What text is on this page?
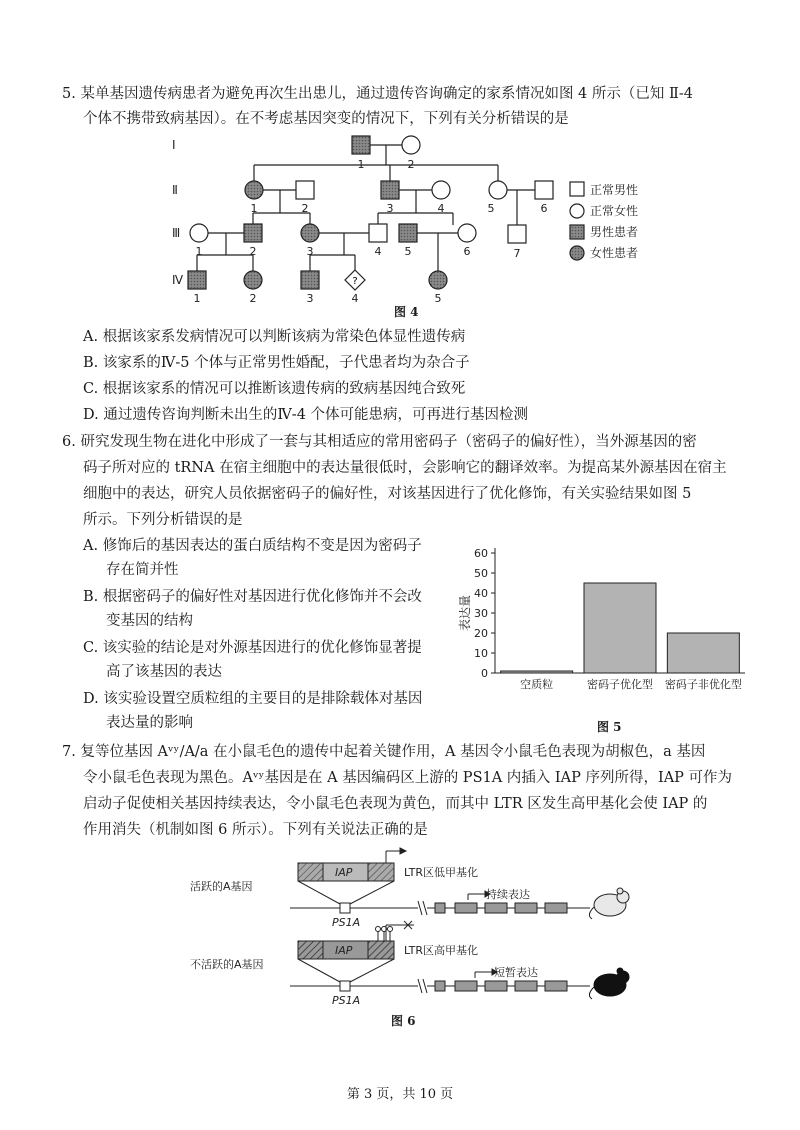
5. 某单基因遗传病患者为避免再次生出患儿，通过遗传咨询确定的家系情况如图 4 所示（已知 Ⅱ-4
个体不携带致病基因）。在不考虑基因突变的情况下，下列有关分析错误的是
?
Ⅰ
Ⅱ
Ⅲ
Ⅳ
1	2
1	2	3	4	5	6
1	2	3	4 5	6	7
1	2	3	4	5
正常男性
正常女性
男性患者
女性患者
图 4
A. 根据该家系发病情况可以判断该病为常染色体显性遗传病
B. 该家系的Ⅳ-5 个体与正常男性婚配，子代患者均为杂合子
C. 根据该家系的情况可以推断该遗传病的致病基因纯合致死
D. 通过遗传咨询判断未出生的Ⅳ-4 个体可能患病，可再进行基因检测
6. 研究发现生物在进化中形成了一套与其相适应的常用密码子（密码子的偏好性），当外源基因的密
码子所对应的 tRNA 在宿主细胞中的表达量很低时，会影响它的翻译效率。为提高某外源基因在宿主
细胞中的表达，研究人员依据密码子的偏好性，对该基因进行了优化修饰，有关实验结果如图 5
所示。下列分析错误的是
A. 修饰后的基因表达的蛋白质结构不变是因为密码子
存在简并性
B. 根据密码子的偏好性对基因进行优化修饰并不会改
变基因的结构
C. 该实验的结论是对外源基因进行的优化修饰显著提
高了该基因的表达
D. 该实验设置空质粒组的主要目的是排除载体对基因
表达量的影响
0
10
20
30
40
50
60
表达量
空质粒	密码子优化型 密码子非优化型
图 5
7. 复等位基因 Aᵛʸ/A/a 在小鼠毛色的遗传中起着关键作用，A 基因令小鼠毛色表现为胡椒色，a 基因
令小鼠毛色表现为黑色。Aᵛʸ基因是在 A 基因编码区上游的 PS1A 内插入 IAP 序列所得，IAP 可作为
启动子促使相关基因持续表达，令小鼠毛色表现为黄色，而其中 LTR 区发生高甲基化会使 IAP 的
作用消失（机制如图 6 所示）。下列有关说法正确的是
活跃的A基因
IAP	LTR区低甲基化
持续表达
PS1A
不活跃的A基因
IAP	LTR区高甲基化
短暂表达
PS1A
图 6
第 3 页，共 10 页
